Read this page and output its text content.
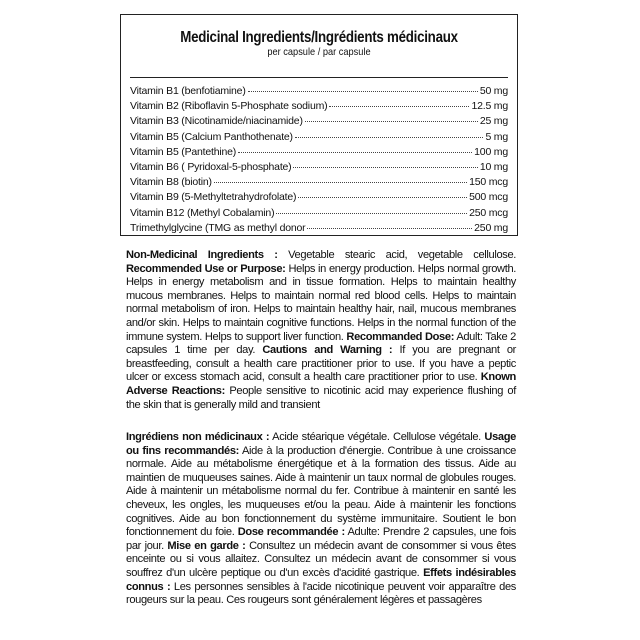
Medicinal Ingredients/Ingrédients médicinaux
per capsule / par capsule
Vitamin B1 (benfotiamine)	50 mg
Vitamin B2 (Riboflavin 5-Phosphate sodium)	12.5 mg
Vitamin B3 (Nicotinamide/niacinamide)	25 mg
Vitamin B5 (Calcium Panthothenate)	5 mg
Vitamin B5 (Pantethine)	100 mg
Vitamin B6 ( Pyridoxal-5-phosphate)	10 mg
Vitamin B8 (biotin)	150 mcg
Vitamin B9 (5-Methyltetrahydrofolate)	500 mcg
Vitamin B12 (Methyl Cobalamin)	250 mcg
Trimethylglycine (TMG as methyl donor	250 mg
Non-Medicinal Ingredients : Vegetable stearic acid, vegetable cellulose. Recommended Use or Purpose: Helps in energy production. Helps normal growth. Helps in energy metabolism and in tissue formation. Helps to maintain healthy mucous membranes. Helps to maintain normal red blood cells. Helps to maintain normal metabolism of iron. Helps to maintain healthy hair, nail, mucous membranes and/or skin. Helps to maintain cognitive functions. Helps in the normal function of the immune system. Helps to support liver function. Recommanded Dose: Adult: Take 2 capsules 1 time per day. Cautions and Warning : If you are pregnant or breastfeeding, consult a health care practitioner prior to use. If you have a peptic ulcer or excess stomach acid, consult a health care practitioner prior to use. Known Adverse Reactions: People sensitive to nicotinic acid may experience flushing of the skin that is generally mild and transient
Ingrédiens non médicinaux : Acide stéarique végétale. Cellulose végétale. Usage ou fins recommandés: Aide à la production d'énergie. Contribue à une croissance normale. Aide au métabolisme énergétique et à la formation des tissus. Aide au maintien de muqueuses saines. Aide à maintenir un taux normal de globules rouges. Aide à maintenir un métabolisme normal du fer. Contribue à maintenir en santé les cheveux, les ongles, les muqueuses et/ou la peau. Aide à maintenir les fonctions cognitives. Aide au bon fonctionnement du système immunitaire. Soutient le bon fonctionnement du foie. Dose recommandée : Adulte: Prendre 2 capsules, une fois par jour. Mise en garde : Consultez un médecin avant de consommer si vous êtes enceinte ou si vous allaitez. Consultez un médecin avant de consommer si vous souffrez d'un ulcère peptique ou d'un excès d'acidité gastrique. Effets indésirables connus : Les personnes sensibles à l'acide nicotinique peuvent voir apparaître des rougeurs sur la peau. Ces rougeurs sont généralement légères et passagères
